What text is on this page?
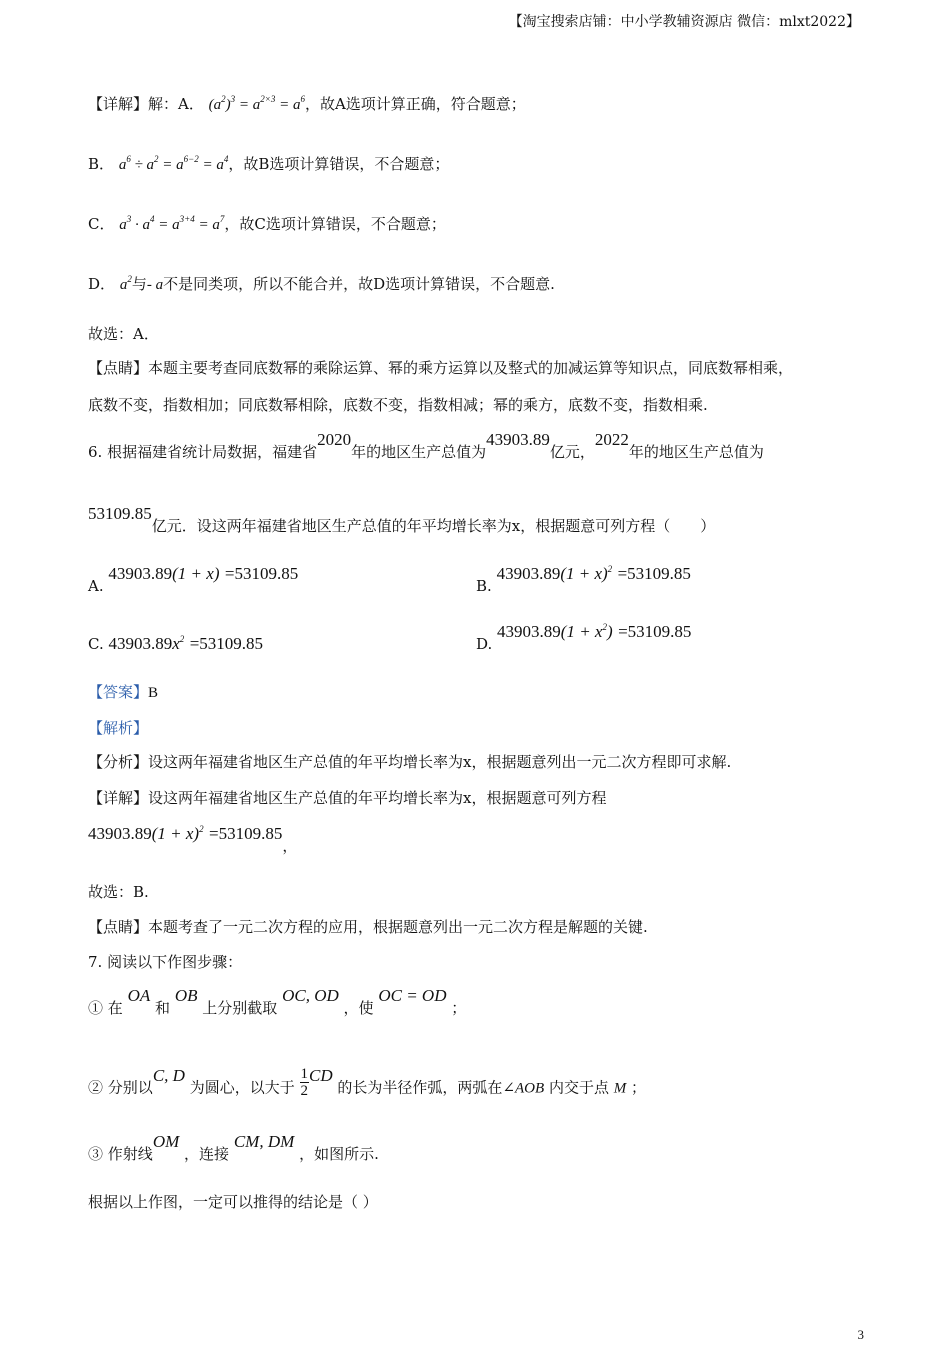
【淘宝搜索店铺：中小学教辅资源店 微信：mlxt2022】
【详解】解：A． $(a^2)^3 = a^{2\times 3} = a^6$，故A选项计算正确，符合题意；
B． $a^6 \div a^2 = a^{6-2} = a^4$，故B选项计算错误，不合题意；
C． $a^3 \cdot a^4 = a^{3+4} = a^7$，故C选项计算错误，不合题意；
D． $a^2$与- a不是同类项，所以不能合并，故D选项计算错误，不合题意.
故选：A．
【点睛】本题主要考查同底数幂的乘除运算、幂的乘方运算以及整式的加减运算等知识点，同底数幂相乘，
底数不变，指数相加；同底数幂相除，底数不变，指数相减；幂的乘方，底数不变，指数相乘.
6. 根据福建省统计局数据，福建省2020年的地区生产总值为43903.89亿元，2022年的地区生产总值为
53109.85亿元．设这两年福建省地区生产总值的年平均增长率为x，根据题意可列方程（　　）
A. 43903.89(1 + x) =53109.85
B. $43903.89(1 + x)^2 =53109.85$
C. $43903.89x^2 =53109.85$	D. $43903.89(1 + x^2) =53109.85$
【答案】B
【解析】
【分析】设这两年福建省地区生产总值的年平均增长率为x，根据题意列出一元二次方程即可求解.
【详解】设这两年福建省地区生产总值的年平均增长率为x，根据题意可列方程
$43903.89(1 + x)^2 =53109.85$，
故选：B.
【点睛】本题考查了一元二次方程的应用，根据题意列出一元二次方程是解题的关键.
7. 阅读以下作图步骤：
① 在 OA 和 OB 上分别截取 OC, OD ，使 OC = OD ；
② 分别以C, D 为圆心，以大于 $\frac{1}{2}$ CD 的长为半径作弧，两弧在∠AOB 内交于点 M ；
③ 作射线OM ，连接 CM, DM ，如图所示.
根据以上作图，一定可以推得的结论是（ ）
3
